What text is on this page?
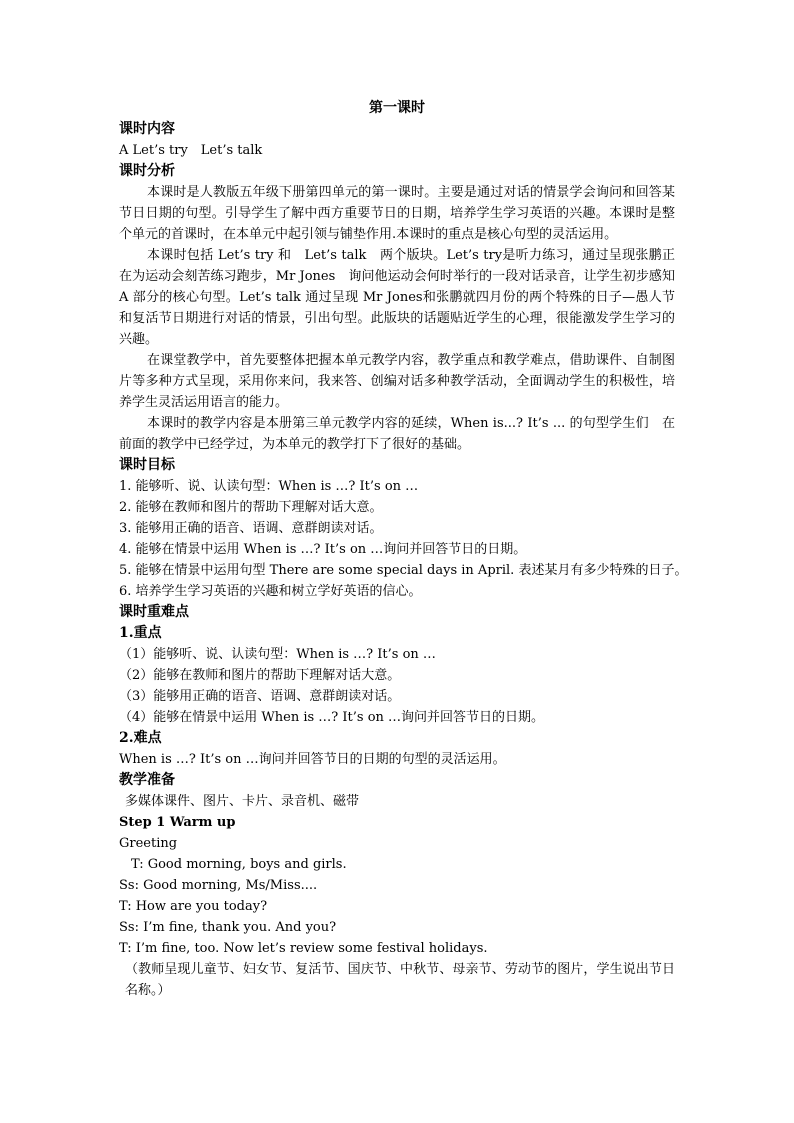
第一课时
课时内容
A Let’s try　Let’s talk
课时分析
本课时是人教版五年级下册第四单元的第一课时。主要是通过对话的情景学会询问和回答某节日日期的句型。引导学生了解中西方重要节日的日期，培养学生学习英语的兴趣。本课时是整个单元的首课时，在本单元中起引领与铺垫作用.本课时的重点是核心句型的灵活运用。
本课时包括 Let’s try 和　Let’s talk　两个版块。Let’s try是听力练习，通过呈现张鹏正在为运动会刻苦练习跑步，Mr Jones　询问他运动会何时举行的一段对话录音，让学生初步感知 A 部分的核心句型。Let’s talk 通过呈现 Mr Jones和张鹏就四月份的两个特殊的日子—愚人节和复活节日期进行对话的情景，引出句型。此版块的话题贴近学生的心理，很能激发学生学习的兴趣。
在课堂教学中，首先要整体把握本单元教学内容，教学重点和教学难点，借助课件、自制图片等多种方式呈现，采用你来问，我来答、创编对话多种教学活动，全面调动学生的积极性，培养学生灵活运用语言的能力。
本课时的教学内容是本册第三单元教学内容的延续，When is...? It’s ... 的句型学生们　在前面的教学中已经学过，为本单元的教学打下了很好的基础。
课时目标
1. 能够听、说、认读句型：When is …? It’s on …
2. 能够在教师和图片的帮助下理解对话大意。
3. 能够用正确的语音、语调、意群朗读对话。
4. 能够在情景中运用 When is …? It’s on …询问并回答节日的日期。
5. 能够在情景中运用句型 There are some special days in April. 表述某月有多少特殊的日子。
6. 培养学生学习英语的兴趣和树立学好英语的信心。
课时重难点
1.重点
（1）能够听、说、认读句型：When is …? It’s on …
（2）能够在教师和图片的帮助下理解对话大意。
（3）能够用正确的语音、语调、意群朗读对话。
（4）能够在情景中运用 When is …? It’s on …询问并回答节日的日期。
2.难点
When is …? It’s on …询问并回答节日的日期的句型的灵活运用。
教学准备
多媒体课件、图片、卡片、录音机、磁带
Step 1 Warm up
Greeting
T: Good morning, boys and girls.
Ss: Good morning, Ms/Miss....
T: How are you today?
Ss: I’m fine, thank you. And you?
T: I’m fine, too. Now let’s review some festival holidays.
（教师呈现儿童节、妇女节、复活节、国庆节、中秋节、母亲节、劳动节的图片，学生说出节日名称。）
